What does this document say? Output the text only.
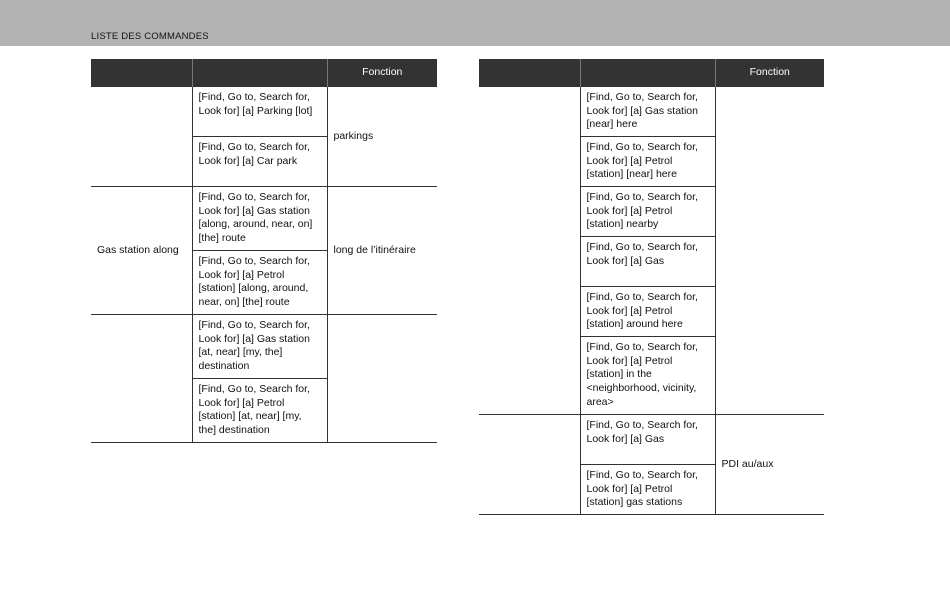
LISTE DES COMMANDES
		Fonction
	[Find, Go to, Search for, Look for] [a] Parking [lot]	parkings
	[Find, Go to, Search for, Look for] [a] Car park	
Gas station along	[Find, Go to, Search for, Look for] [a] Gas station [along, around, near, on] [the] route	long de l’itinéraire
	[Find, Go to, Search for, Look for] [a] Petrol [station] [along, around, near, on] [the] route	
	[Find, Go to, Search for, Look for] [a] Gas station [at, near] [my, the] destination	
	[Find, Go to, Search for, Look for] [a] Petrol [station] [at, near] [my, the] destination	
		Fonction
	[Find, Go to, Search for, Look for] [a] Gas station [near] here	
	[Find, Go to, Search for, Look for] [a] Petrol [station] [near] here	
	[Find, Go to, Search for, Look for] [a] Petrol [station] nearby	
	[Find, Go to, Search for, Look for] [a] Gas	
	[Find, Go to, Search for, Look for] [a] Petrol [station] around here	
	[Find, Go to, Search for, Look for] [a] Petrol [station] in the <neighborhood, vicinity, area>	
	[Find, Go to, Search for, Look for] [a] Gas	PDI au/aux
	[Find, Go to, Search for, Look for] [a] Petrol [station] gas stations	
